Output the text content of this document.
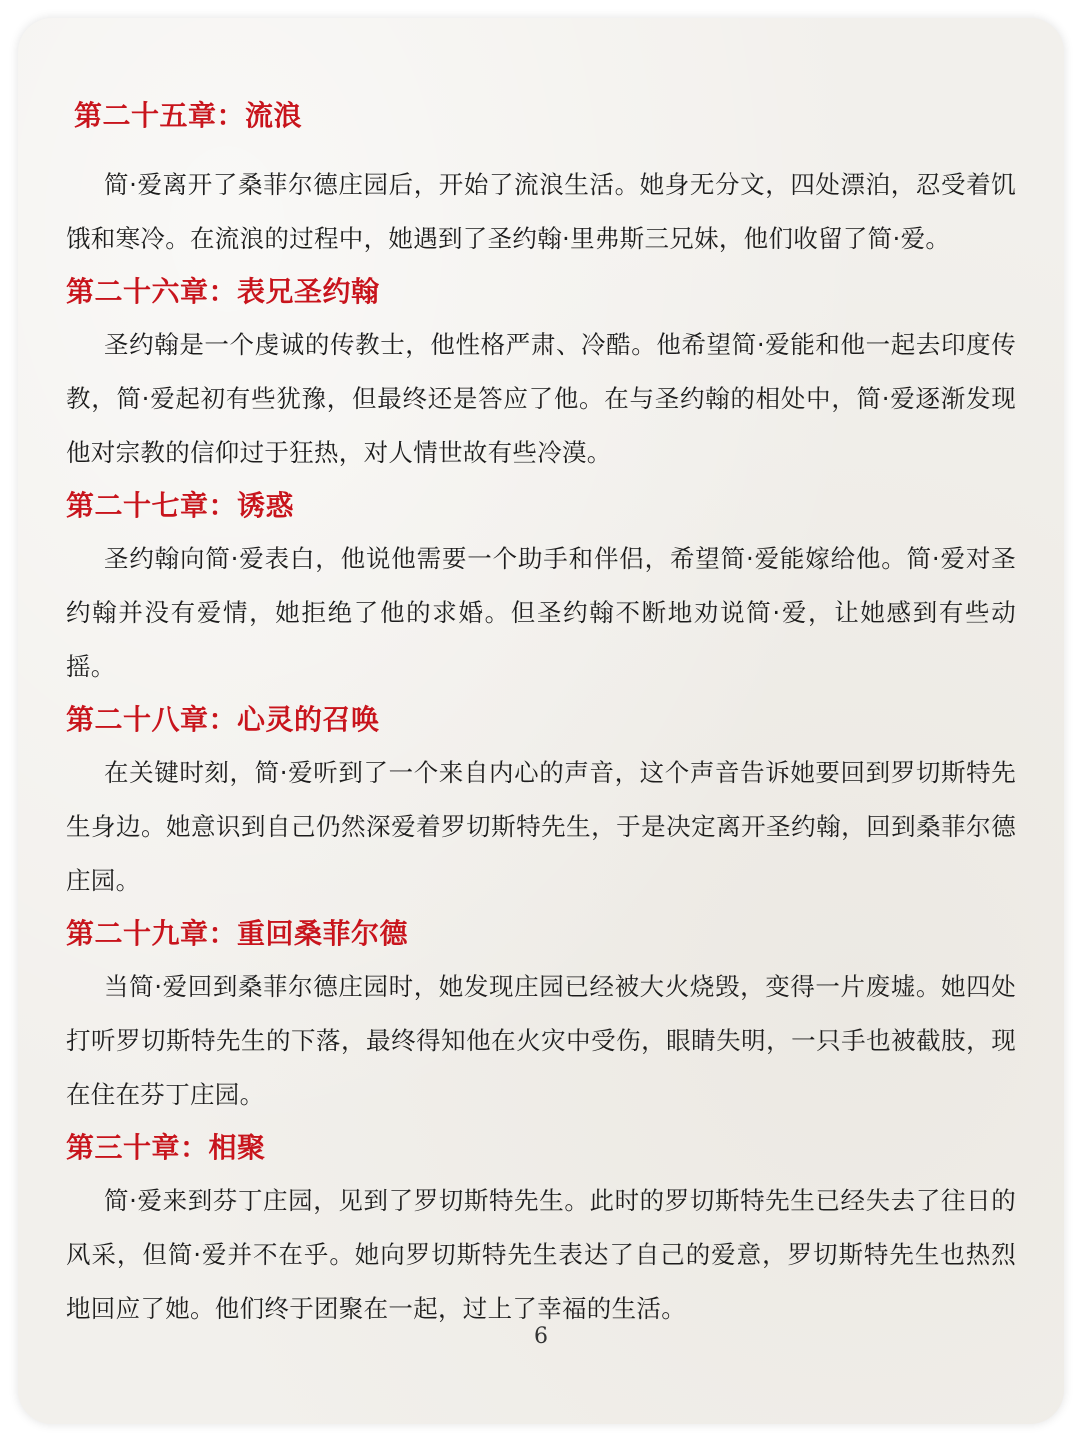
第二十五章：流浪

简·爱离开了桑菲尔德庄园后，开始了流浪生活。她身无分文，四处漂泊，忍受着饥饿和寒冷。在流浪的过程中，她遇到了圣约翰·里弗斯三兄妹，他们收留了简·爱。

第二十六章：表兄圣约翰

圣约翰是一个虔诚的传教士，他性格严肃、冷酷。他希望简·爱能和他一起去印度传教，简·爱起初有些犹豫，但最终还是答应了他。在与圣约翰的相处中，简·爱逐渐发现他对宗教的信仰过于狂热，对人情世故有些冷漠。

第二十七章：诱惑

圣约翰向简·爱表白，他说他需要一个助手和伴侣，希望简·爱能嫁给他。简·爱对圣约翰并没有爱情，她拒绝了他的求婚。但圣约翰不断地劝说简·爱，让她感到有些动摇。

第二十八章：心灵的召唤

在关键时刻，简·爱听到了一个来自内心的声音，这个声音告诉她要回到罗切斯特先生身边。她意识到自己仍然深爱着罗切斯特先生，于是决定离开圣约翰，回到桑菲尔德庄园。

第二十九章：重回桑菲尔德

当简·爱回到桑菲尔德庄园时，她发现庄园已经被大火烧毁，变得一片废墟。她四处打听罗切斯特先生的下落，最终得知他在火灾中受伤，眼睛失明，一只手也被截肢，现在住在芬丁庄园。

第三十章：相聚

简·爱来到芬丁庄园，见到了罗切斯特先生。此时的罗切斯特先生已经失去了往日的风采，但简·爱并不在乎。她向罗切斯特先生表达了自己的爱意，罗切斯特先生也热烈地回应了她。他们终于团聚在一起，过上了幸福的生活。

6
